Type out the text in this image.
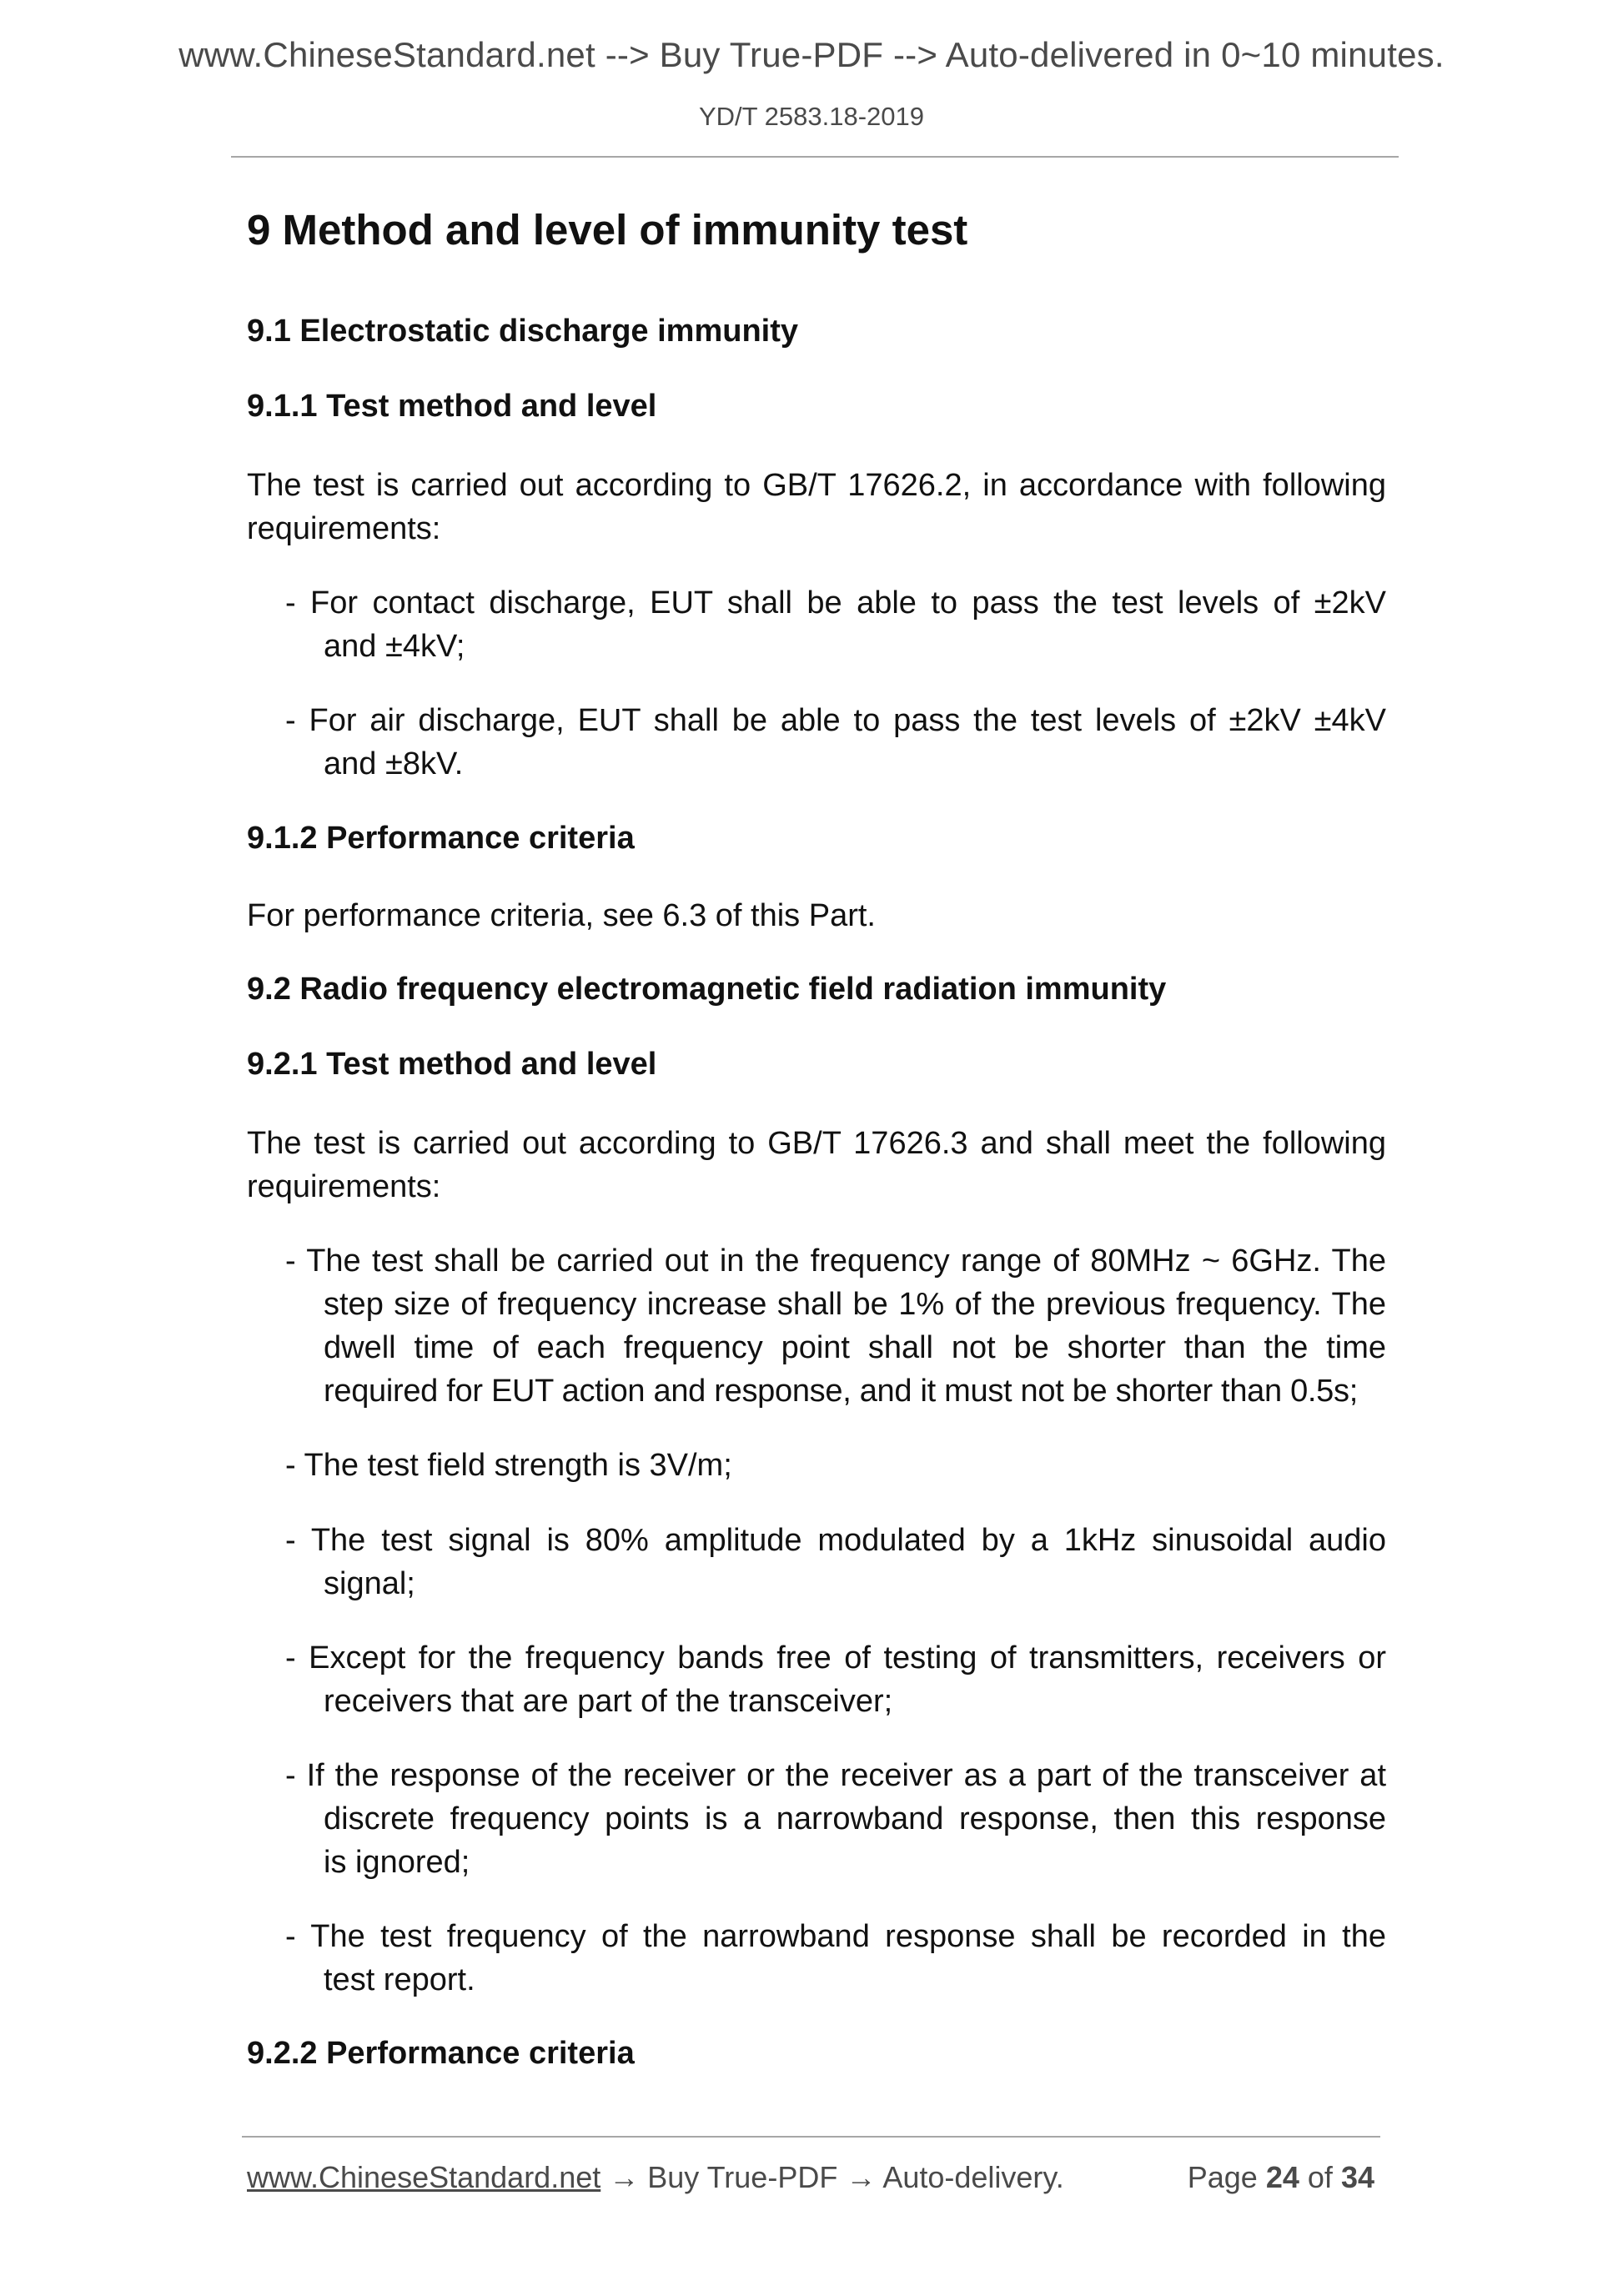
www.ChineseStandard.net --> Buy True-PDF --> Auto-delivered in 0~10 minutes.
YD/T 2583.18-2019
9 Method and level of immunity test
9.1 Electrostatic discharge immunity
9.1.1 Test method and level
The test is carried out according to GB/T 17626.2, in accordance with following
requirements:
- For contact discharge, EUT shall be able to pass the test levels of ±2kV
and ±4kV;
- For air discharge, EUT shall be able to pass the test levels of ±2kV ±4kV
and ±8kV.
9.1.2 Performance criteria
For performance criteria, see 6.3 of this Part.
9.2 Radio frequency electromagnetic field radiation immunity
9.2.1 Test method and level
The test is carried out according to GB/T 17626.3 and shall meet the following
requirements:
- The test shall be carried out in the frequency range of 80MHz ~ 6GHz. The
step size of frequency increase shall be 1% of the previous frequency. The
dwell time of each frequency point shall not be shorter than the time
required for EUT action and response, and it must not be shorter than 0.5s;
- The test field strength is 3V/m;
- The test signal is 80% amplitude modulated by a 1kHz sinusoidal audio
signal;
- Except for the frequency bands free of testing of transmitters, receivers or
receivers that are part of the transceiver;
- If the response of the receiver or the receiver as a part of the transceiver at
discrete frequency points is a narrowband response, then this response
is ignored;
- The test frequency of the narrowband response shall be recorded in the
test report.
9.2.2 Performance criteria
www.ChineseStandard.net → Buy True-PDF → Auto-delivery.	Page 24 of 34
